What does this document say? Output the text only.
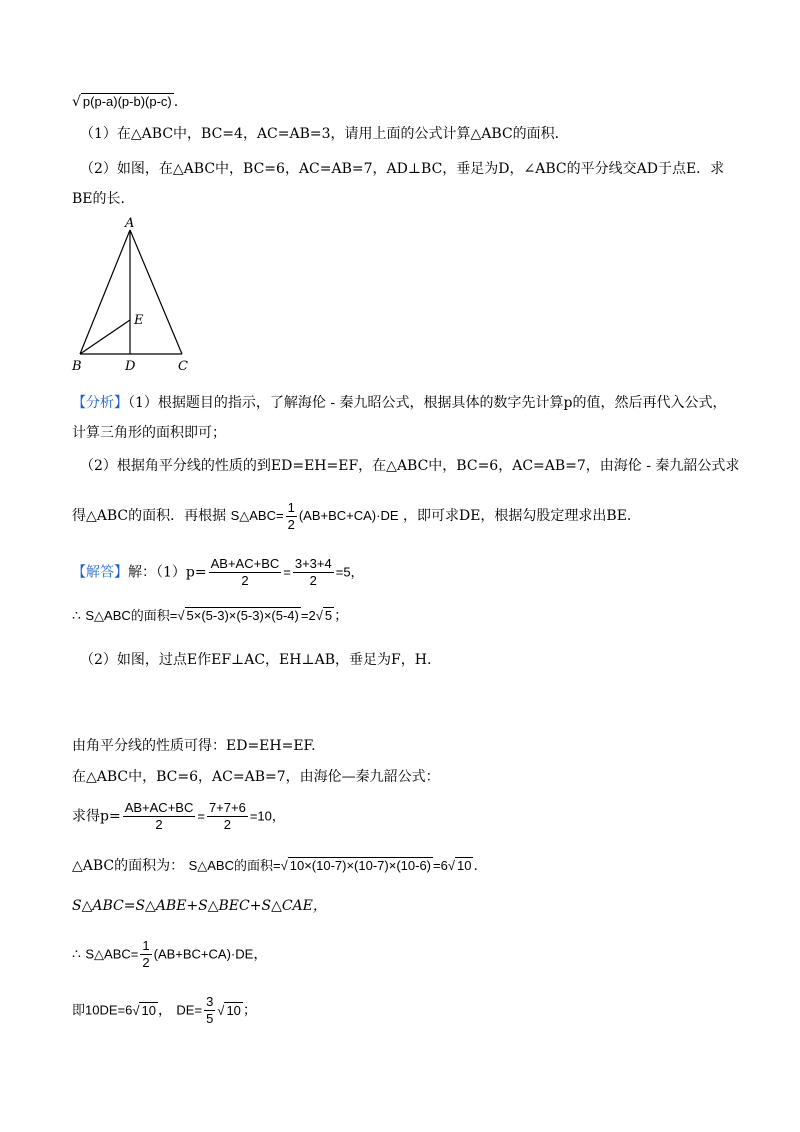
√ p(p-a)(p-b)(p-c) .
（1）在△ABC中，BC=4，AC=AB=3，请用上面的公式计算△ABC的面积．
（2）如图，在△ABC中，BC=6，AC=AB=7，AD⊥BC，垂足为D，∠ABC的平分线交AD于点E．求
BE的长．
A
B	C
D
E
【分析】（1）根据题目的指示，了解海伦 - 秦九昭公式，根据具体的数字先计算p的值，然后再代入公式，
计算三角形的面积即可；
（2）根据角平分线的性质的到ED=EH=EF，在△ABC中，BC=6，AC=AB=7，由海伦 - 秦九韶公式求
得△ABC的面积．再根据 S△ABC= $\frac{1}{2} (AB+BC+CA)\cdot DE$ ，即可求DE，根据勾股定理求出BE.
【解答】解：$(1)p= \frac{AB+AC+BC}{2} = \frac{3+3+4}{2} =5$，
∴ S△ABC的面积=√ 5×(5-3)×(5-3)×(5-4) =2√ 5 ；
（2）如图，过点E作EF⊥AC，EH⊥AB，垂足为F，H.
由角平分线的性质可得：ED=EH=EF.
在△ABC中，BC=6，AC=AB=7，由海伦—秦九韶公式：
求得$p= \frac{AB+AC+BC}{2} = \frac{7+7+6}{2} =10$，
△ABC的面积为： S△ABC的面积=√ 10×(10-7)×(10-7)×(10-6) =6√ 10 .
S△ABC=S△ABE+S△BEC+S△CAE，
∴ S△ABC= $\frac{1}{2} (AB+BC+CA)\cdot DE$，
即10DE=6√ 10 ， $DE= \frac{3}{5}$ √ 10 ；
